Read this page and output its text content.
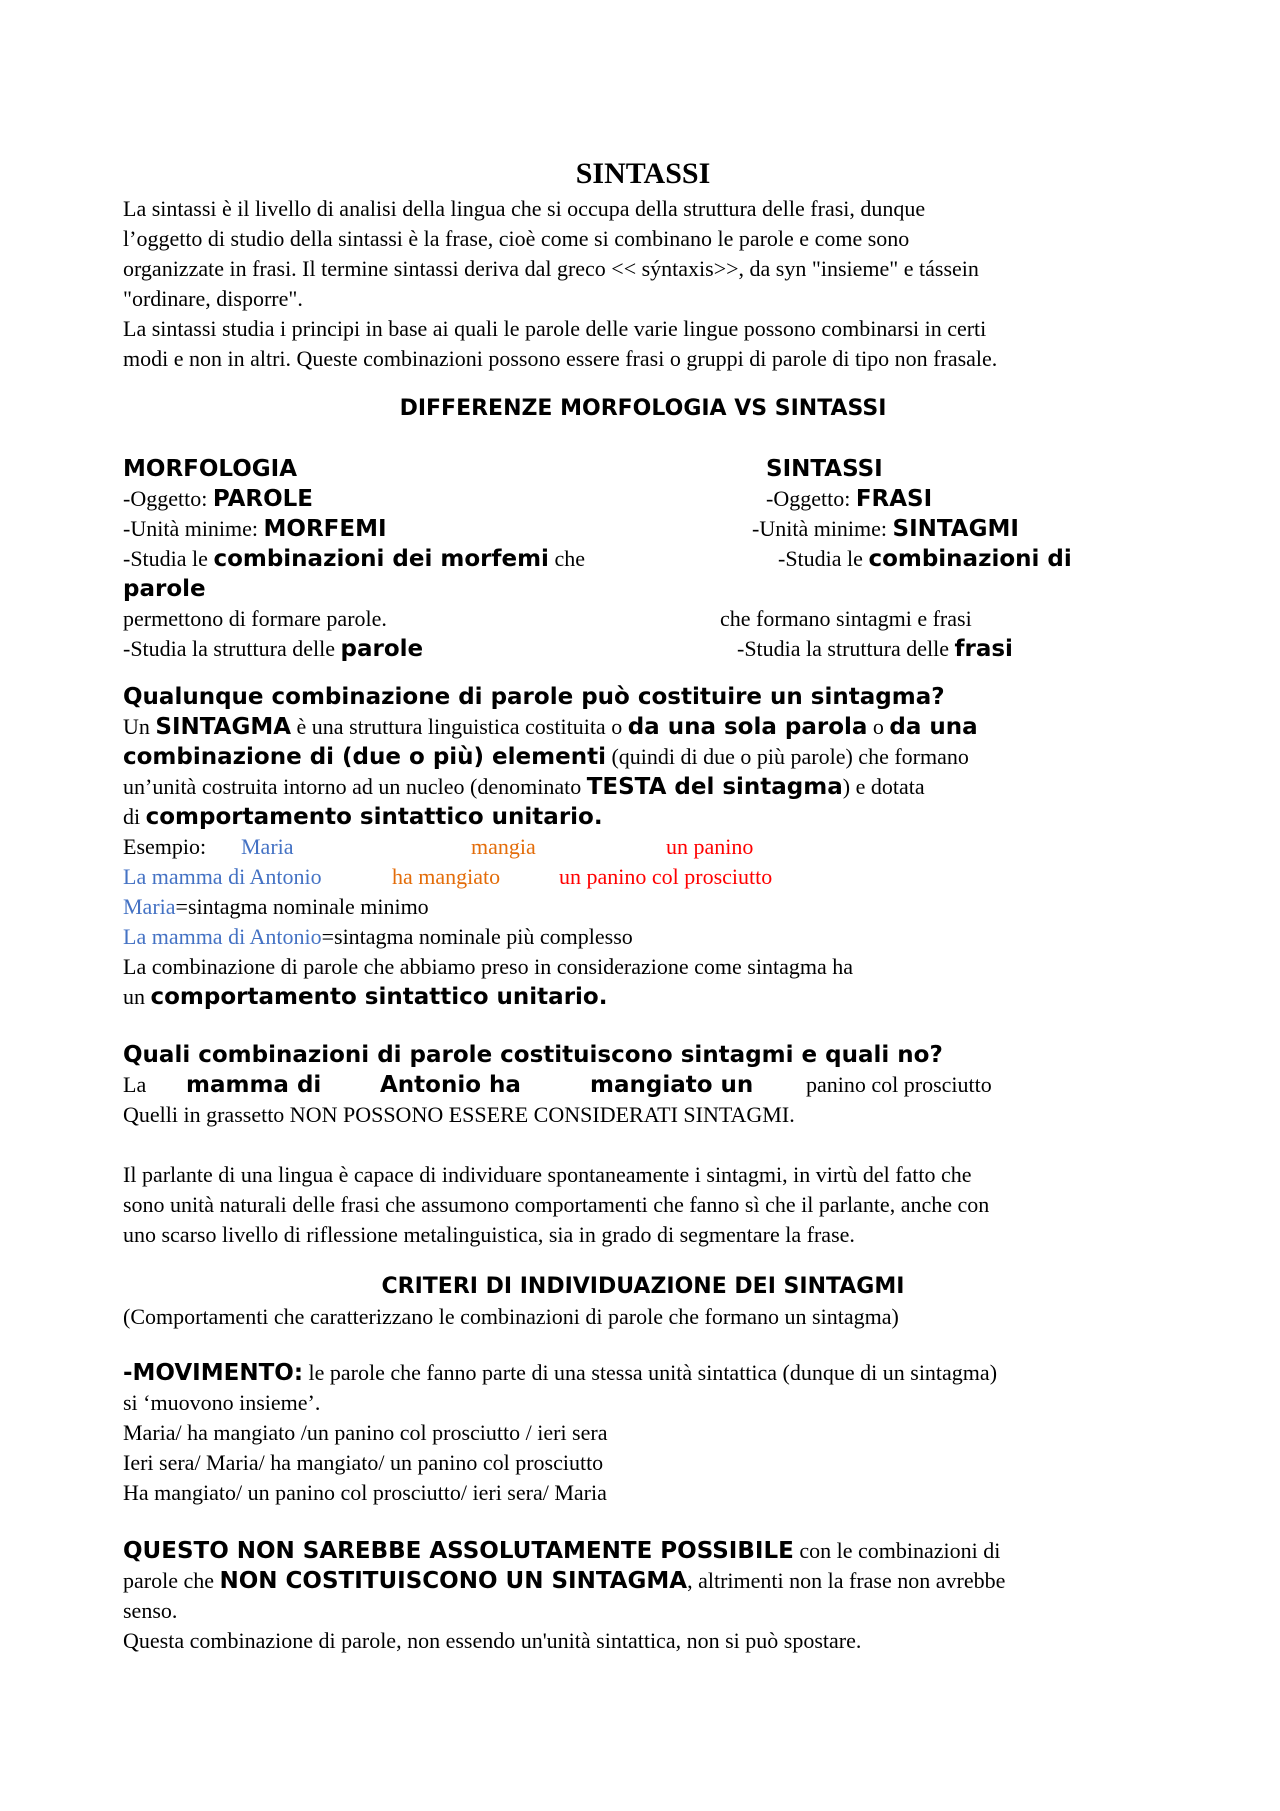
SINTASSI

La sintassi è il livello di analisi della lingua che si occupa della struttura delle frasi, dunque

l’oggetto di studio della sintassi è la frase, cioè come si combinano le parole e come sono

organizzate in frasi. Il termine sintassi deriva dal greco << sýntaxis>>, da syn "insieme" e tássein

"ordinare, disporre".

La sintassi studia i principi in base ai quali le parole delle varie lingue possono combinarsi in certi

modi e non in altri. Queste combinazioni possono essere frasi o gruppi di parole di tipo non frasale.

DIFFERENZE MORFOLOGIA VS SINTASSI

MORFOLOGIA	SINTASSI
-Oggetto: PAROLE	-Oggetto: FRASI
-Unità minime: MORFEMI	-Unità minime: SINTAGMI
-Studia le combinazioni dei morfemi che	-Studia le combinazioni di
parole
permettono di formare parole.	che formano sintagmi e frasi
-Studia la struttura delle parole	-Studia la struttura delle frasi

Qualunque combinazione di parole può costituire un sintagma?

Un SINTAGMA è una struttura linguistica costituita o da una sola parola o da una

combinazione di (due o più) elementi (quindi di due o più parole) che formano

un’unità costruita intorno ad un nucleo (denominato TESTA del sintagma) e dotata

di comportamento sintattico unitario.

Esempio: Maria	mangia	un panino
La mamma di Antonio	ha mangiato	un panino col prosciutto

Maria=sintagma nominale minimo

La mamma di Antonio=sintagma nominale più complesso

La combinazione di parole che abbiamo preso in considerazione come sintagma ha

un comportamento sintattico unitario.

Quali combinazioni di parole costituiscono sintagmi e quali no?

La mamma di	Antonio ha	mangiato un panino col prosciutto

Quelli in grassetto NON POSSONO ESSERE CONSIDERATI SINTAGMI.

Il parlante di una lingua è capace di individuare spontaneamente i sintagmi, in virtù del fatto che

sono unità naturali delle frasi che assumono comportamenti che fanno sì che il parlante, anche con

uno scarso livello di riflessione metalinguistica, sia in grado di segmentare la frase.

CRITERI DI INDIVIDUAZIONE DEI SINTAGMI

(Comportamenti che caratterizzano le combinazioni di parole che formano un sintagma)

-MOVIMENTO: le parole che fanno parte di una stessa unità sintattica (dunque di un sintagma)

si ‘muovono insieme’.

Maria/ ha mangiato /un panino col prosciutto / ieri sera

Ieri sera/ Maria/ ha mangiato/ un panino col prosciutto

Ha mangiato/ un panino col prosciutto/ ieri sera/ Maria

QUESTO NON SAREBBE ASSOLUTAMENTE POSSIBILE con le combinazioni di

parole che NON COSTITUISCONO UN SINTAGMA, altrimenti non la frase non avrebbe

senso.

Questa combinazione di parole, non essendo un'unità sintattica, non si può spostare.
